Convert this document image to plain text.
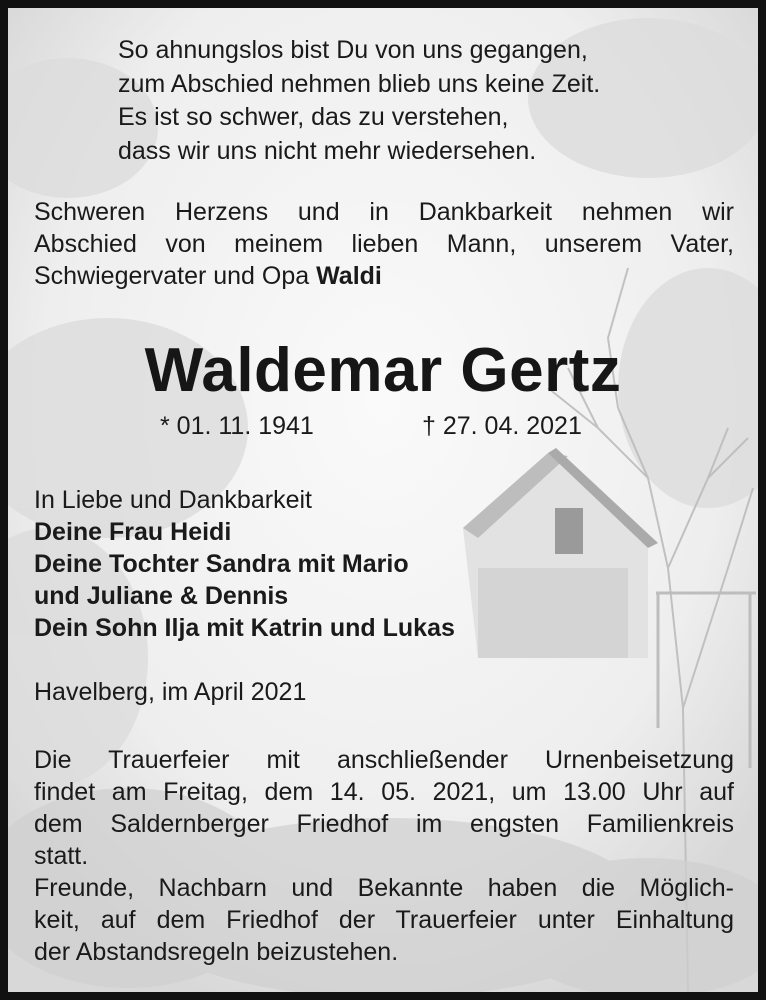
So ahnungslos bist Du von uns gegangen,
zum Abschied nehmen blieb uns keine Zeit.
Es ist so schwer, das zu verstehen,
dass wir uns nicht mehr wiedersehen.
Schweren Herzens und in Dankbarkeit nehmen wir
Abschied von meinem lieben Mann, unserem Vater,
Schwiegervater und Opa Waldi
Waldemar Gertz
* 01. 11. 1941	† 27. 04. 2021
In Liebe und Dankbarkeit
Deine Frau Heidi
Deine Tochter Sandra mit Mario
und Juliane & Dennis
Dein Sohn Ilja mit Katrin und Lukas
Havelberg, im April 2021
Die Trauerfeier mit anschließender Urnenbeisetzung
findet am Freitag, dem 14. 05. 2021, um 13.00 Uhr auf
dem Saldernberger Friedhof im engsten Familienkreis
statt.
Freunde, Nachbarn und Bekannte haben die Möglich-
keit, auf dem Friedhof der Trauerfeier unter Einhaltung
der Abstandsregeln beizustehen.
